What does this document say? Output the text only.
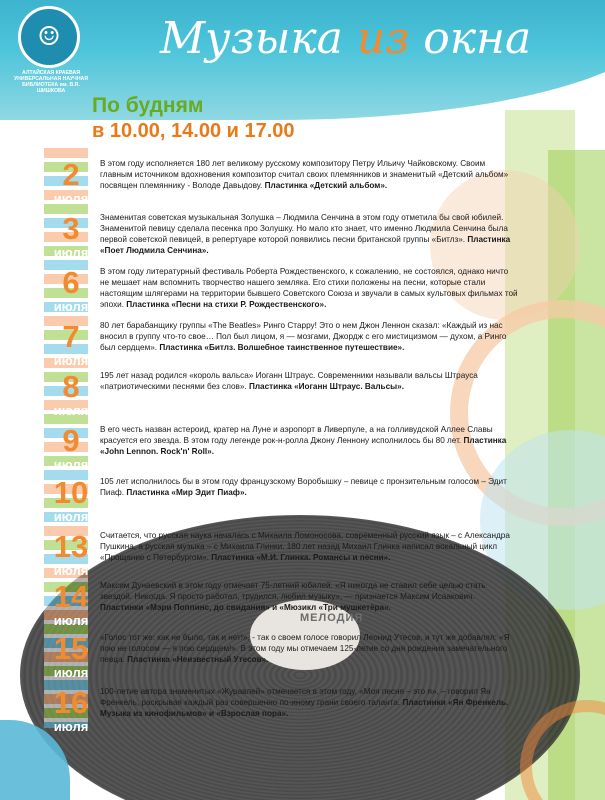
☺
АЛТАЙСКАЯ КРАЕВАЯ УНИВЕРСАЛЬНАЯ НАУЧНАЯ БИБЛИОТЕКА им. В.Я. ШИШКОВА
Музыка из окна
По будням
в 10.00, 14.00 и 17.00
2
июля
В этом году исполняется 180 лет великому русскому композитору Петру Ильичу Чайковскому. Своим главным источником вдохновения композитор считал своих племянников и знаменитый «Детский альбом» посвящен племяннику - Володе Давыдову. Пластинка «Детский альбом».
3
июля
Знаменитая советская музыкальная Золушка – Людмила Сенчина в этом году отметила бы свой юбилей. Знаменитой певицу сделала песенка про Золушку. Но мало кто знает, что именно Людмила Сенчина была первой советской певицей, в репертуаре которой появились песни британской группы «Битлз». Пластинка «Поет Людмила Сенчина».
6
июля
В этом году литературный фестиваль Роберта Рождественского, к сожалению, не состоялся, однако ничто не мешает нам вспомнить творчество нашего земляка. Его стихи положены на песни, которые стали настоящим шлягерами на территории бывшего Советского Союза и звучали в самых культовых фильмах той эпохи. Пластинка «Песни на стихи Р. Рождественского».
7
июля
80 лет барабанщику группы «The Beatles» Ринго Старру! Это о нем Джон Леннон сказал: «Каждый из нас вносил в группу что-то свое… Пол был лицом, я — мозгами, Джордж с его мистицизмом — духом, а Ринго был сердцем». Пластинка «Битлз. Волшебное таинственное путешествие».
8
июля
195 лет назад родился «король вальса» Иоганн Штраус. Современники называли вальсы Штрауса «патриотическими песнями без слов». Пластинка «Иоганн Штраус. Вальсы».
9
июля
В его честь назван астероид, кратер на Луне и аэропорт в Ливерпуле, а на голливудской Аллее Славы красуется его звезда. В этом году легенде рок-н-ролла Джону Леннону исполнилось бы 80 лет. Пластинка «John Lennon. Rock'n' Roll».
10
июля
105 лет исполнилось бы в этом году французскому Воробышку – певице с пронзительным голосом – Эдит Пиаф. Пластинка «Мир Эдит Пиаф».
13
июля
Считается, что русская наука началась с Михаила Ломоносова, современный русский язык – с Александра Пушкина, а русская музыка – с Михаила Глинки. 180 лет назад Михаил Глинка написал вокальный цикл «Прощание с Петербургом». Пластинка «М.И. Глинка. Романсы и песни».
14
июля
Максим Дунаевский в этом году отмечает 75-летний юбилей. «Я никогда не ставил себе целью стать звездой. Никогда. Я просто работал, трудился, любил музыку», — признается Максим Исаакович. Пластинки «Мэри Поппинс, до свидания» и «Мюзикл «Три мушкетёра».
15
июля
«Голос тот же: как не было, так и нет!», - так о своем голосе говорил Леонид Утесов, и тут же добавлял: «Я пою не голосом — я пою сердцем!». В этом году мы отмечаем 125-летие со дня рождения замечательного певца. Пластинка «Неизвестный Утесов».
16
июля
100-летие автора знаменитых «Журавлей» отмечается в этом году. «Моя песня – это я», – говорил Ян Френкель, раскрывая каждый раз совершенно по-иному грани своего таланта. Пластинки «Ян Френкель. Музыка из кинофильмов» и «Взрослая пора».
МЕЛОДИЯ
